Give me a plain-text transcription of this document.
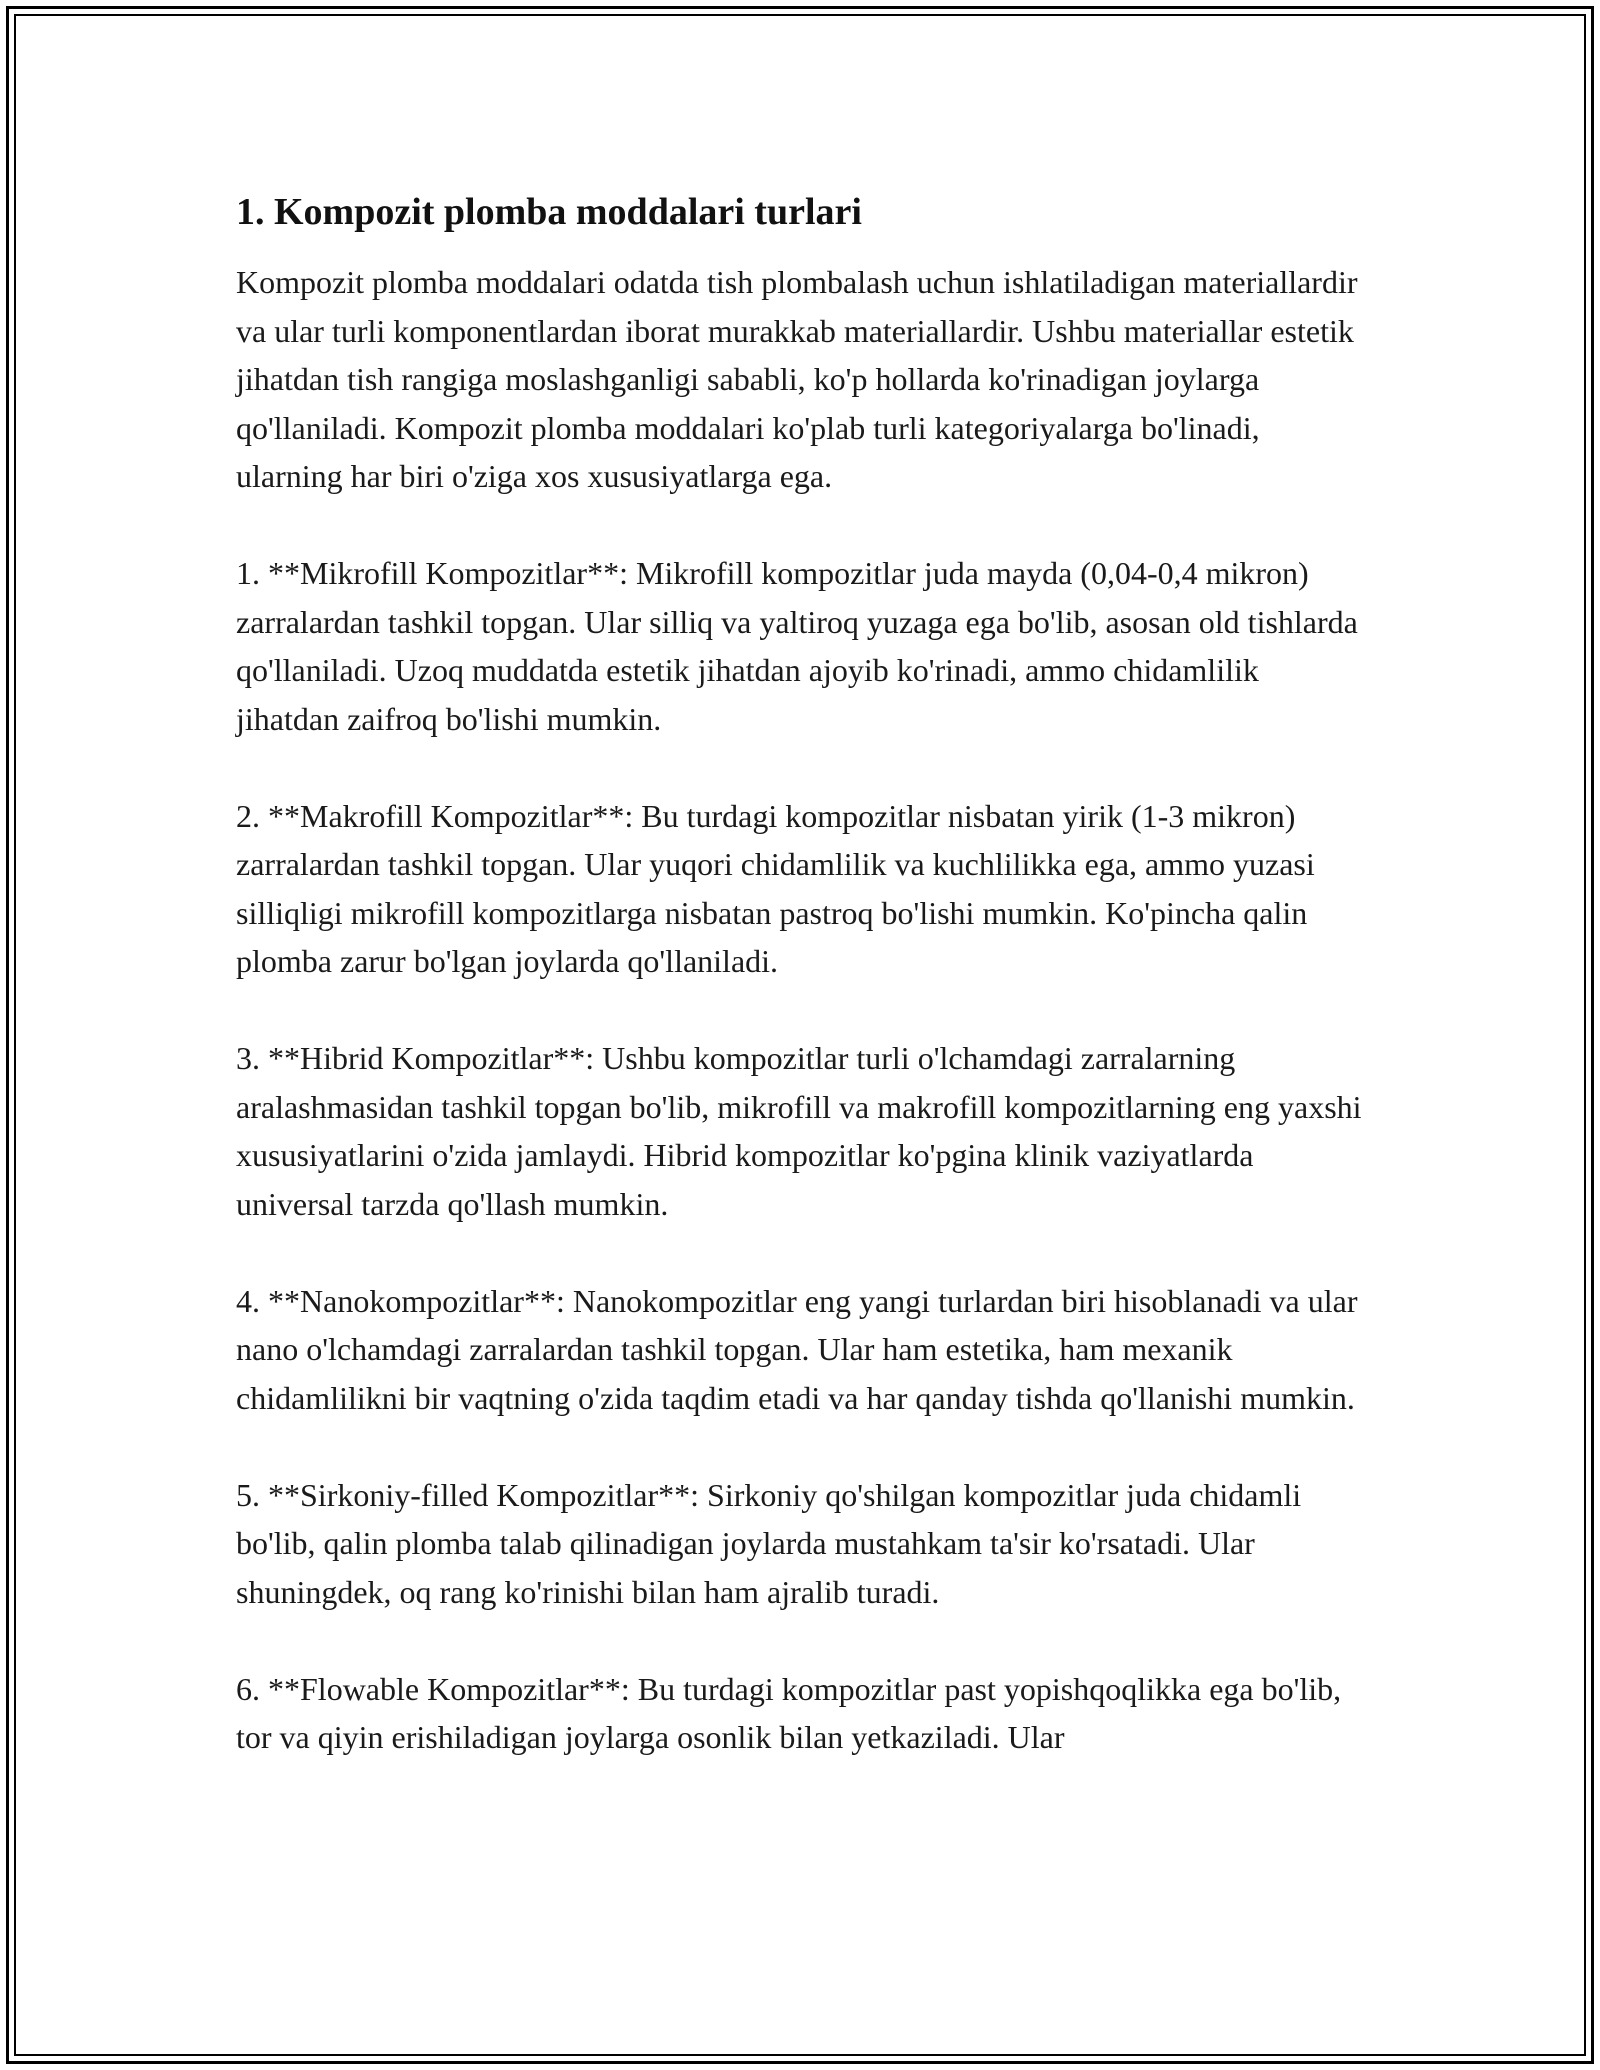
1. Kompozit plomba moddalari turlari

Kompozit plomba moddalari odatda tish plombalash uchun ishlatiladigan materiallardir va ular turli komponentlardan iborat murakkab materiallardir. Ushbu materiallar estetik jihatdan tish rangiga moslashganligi sababli, ko'p hollarda ko'rinadigan joylarga qo'llaniladi. Kompozit plomba moddalari ko'plab turli kategoriyalarga bo'linadi, ularning har biri o'ziga xos xususiyatlarga ega.

1. **Mikrofill Kompozitlar**: Mikrofill kompozitlar juda mayda (0,04-0,4 mikron) zarralardan tashkil topgan. Ular silliq va yaltiroq yuzaga ega bo'lib, asosan old tishlarda qo'llaniladi. Uzoq muddatda estetik jihatdan ajoyib ko'rinadi, ammo chidamlilik jihatdan zaifroq bo'lishi mumkin.

2. **Makrofill Kompozitlar**: Bu turdagi kompozitlar nisbatan yirik (1-3 mikron) zarralardan tashkil topgan. Ular yuqori chidamlilik va kuchlilikka ega, ammo yuzasi silliqligi mikrofill kompozitlarga nisbatan pastroq bo'lishi mumkin. Ko'pincha qalin plomba zarur bo'lgan joylarda qo'llaniladi.

3. **Hibrid Kompozitlar**: Ushbu kompozitlar turli o'lchamdagi zarralarning aralashmasidan tashkil topgan bo'lib, mikrofill va makrofill kompozitlarning eng yaxshi xususiyatlarini o'zida jamlaydi. Hibrid kompozitlar ko'pgina klinik vaziyatlarda universal tarzda qo'llash mumkin.

4. **Nanokompozitlar**: Nanokompozitlar eng yangi turlardan biri hisoblanadi va ular nano o'lchamdagi zarralardan tashkil topgan. Ular ham estetika, ham mexanik chidamlilikni bir vaqtning o'zida taqdim etadi va har qanday tishda qo'llanishi mumkin.

5. **Sirkoniy-filled Kompozitlar**: Sirkoniy qo'shilgan kompozitlar juda chidamli bo'lib, qalin plomba talab qilinadigan joylarda mustahkam ta'sir ko'rsatadi. Ular shuningdek, oq rang ko'rinishi bilan ham ajralib turadi.

6. **Flowable Kompozitlar**: Bu turdagi kompozitlar past yopishqoqlikka ega bo'lib, tor va qiyin erishiladigan joylarga osonlik bilan yetkaziladi. Ular
